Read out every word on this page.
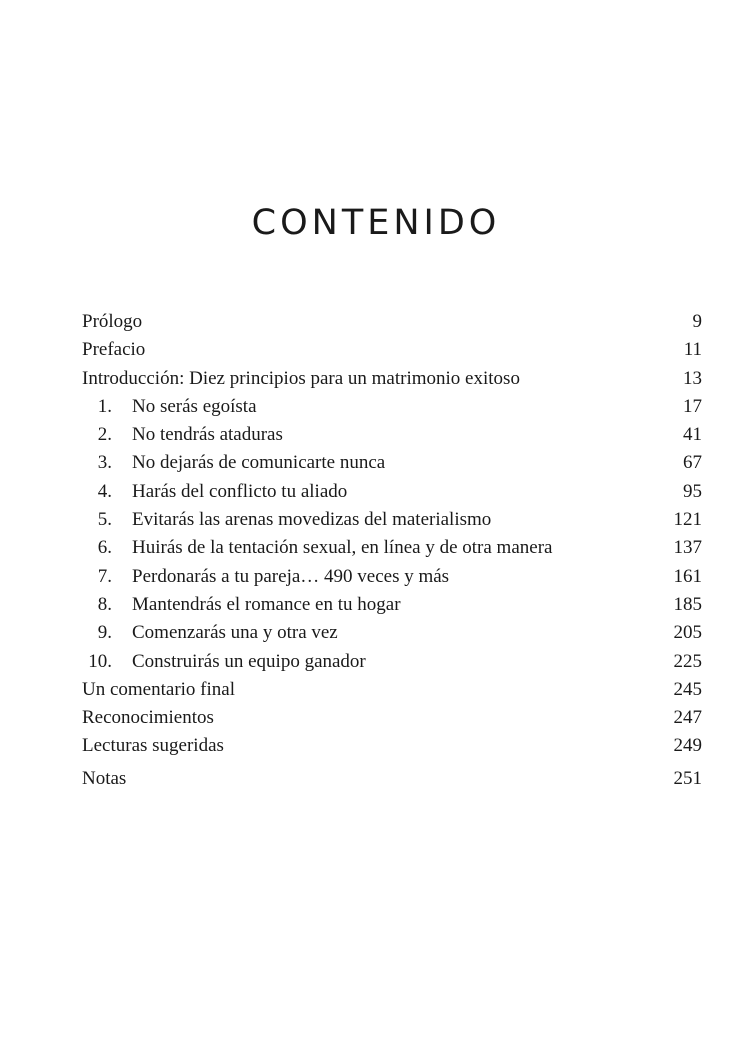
CONTENIDO
Prólogo	9
Prefacio	11
Introducción: Diez principios para un matrimonio exitoso	13
1. No serás egoísta	17
2. No tendrás ataduras	41
3. No dejarás de comunicarte nunca	67
4. Harás del conflicto tu aliado	95
5. Evitarás las arenas movedizas del materialismo	121
6. Huirás de la tentación sexual, en línea y de otra manera	137
7. Perdonarás a tu pareja… 490 veces y más	161
8. Mantendrás el romance en tu hogar	185
9. Comenzarás una y otra vez	205
10. Construirás un equipo ganador	225
Un comentario final	245
Reconocimientos	247
Lecturas sugeridas	249
Notas	251
